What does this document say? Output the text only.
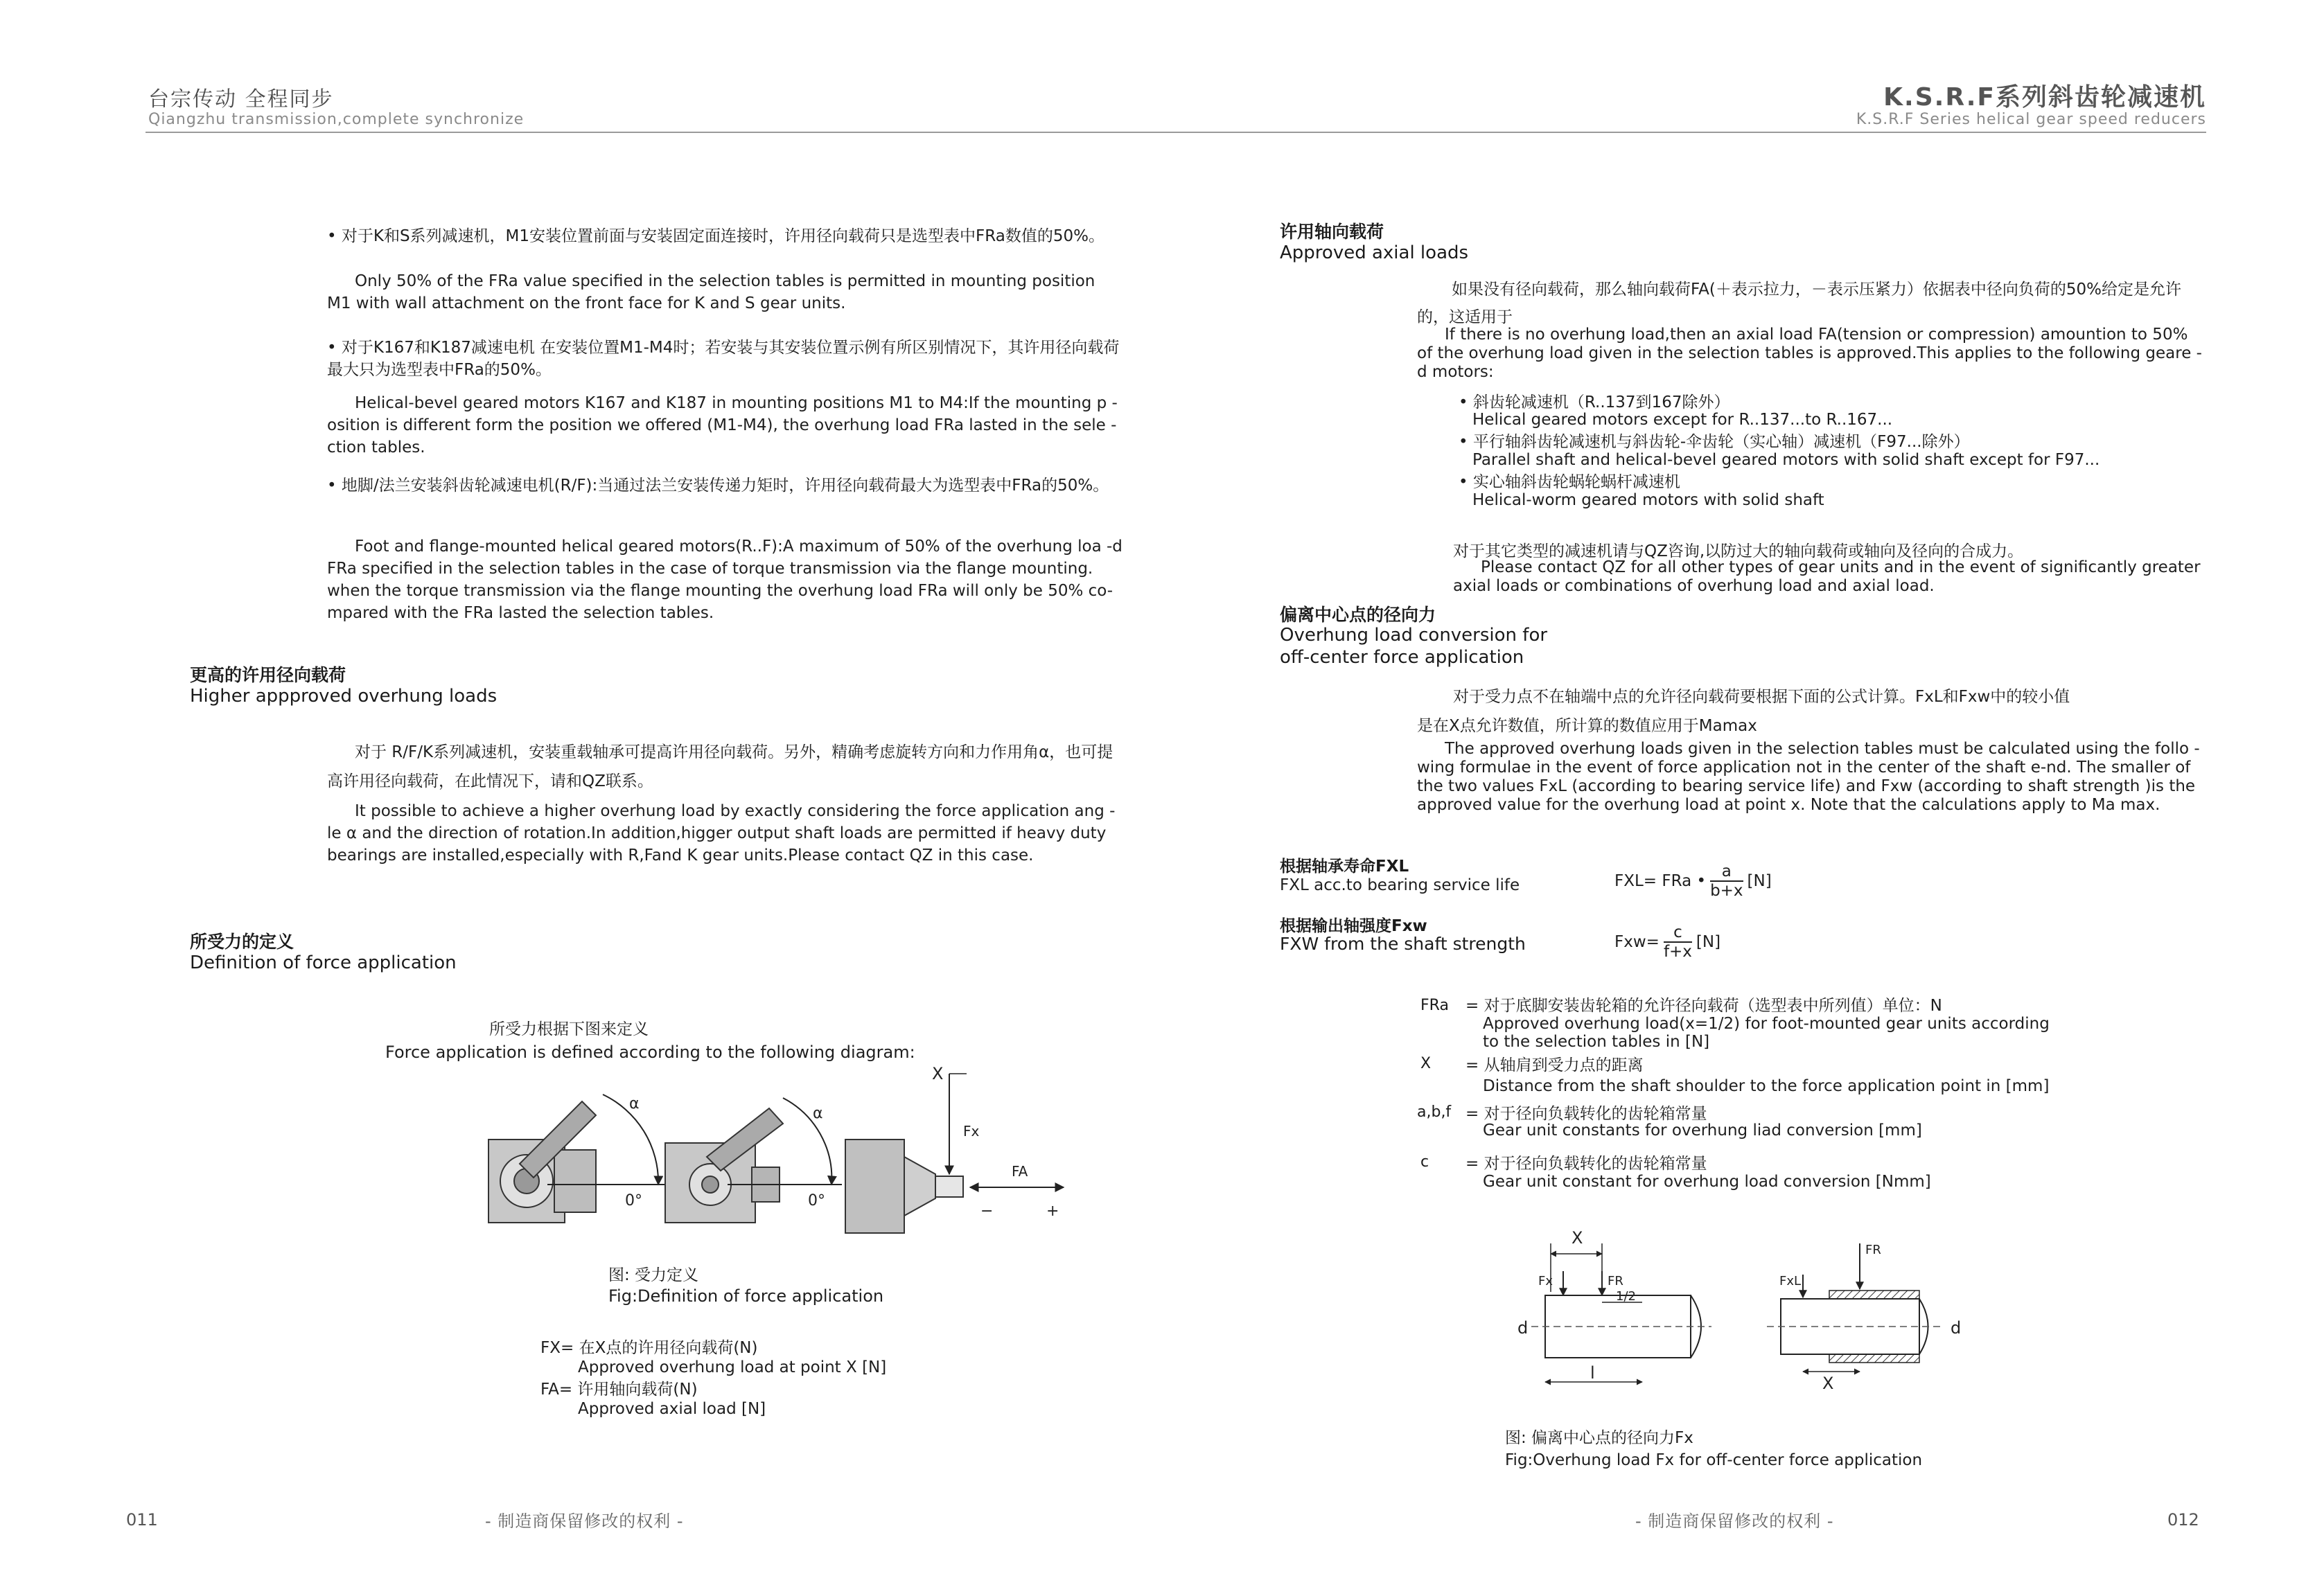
台宗传动 全程同步
Qiangzhu transmission,complete synchronize
K.S.R.F系列斜齿轮减速机
K.S.R.F Series helical gear speed reducers
• 对于K和S系列减速机，M1安装位置前面与安装固定面连接时，许用径向载荷只是选型表中FRa数值的50%。
Only 50% of the FRa value specified in the selection tables is permitted in mounting position M1 with wall attachment on the front face for K and S gear units.
• 对于K167和K187减速电机 在安装位置M1-M4时；若安装与其安装位置示例有所区别情况下，其许用径向载荷最大只为选型表中FRa的50%。
Helical-bevel geared motors K167 and K187 in mounting positions M1 to M4:If the mounting p -osition is different form the position we offered (M1-M4), the overhung load FRa lasted in the sele -ction tables.
• 地脚/法兰安装斜齿轮减速电机(R/F):当通过法兰安装传递力矩时，许用径向载荷最大为选型表中FRa的50%。
Foot and flange-mounted helical geared motors(R..F):A maximum of 50% of the overhung loa -d FRa specified in the selection tables in the case of torque transmission via the flange mounting. when the torque transmission via the flange mounting the overhung load FRa will only be 50% co- mpared with the FRa lasted the selection tables.
更高的许用径向载荷
Higher appproved overhung loads
对于 R/F/K系列减速机，安装重载轴承可提高许用径向载荷。另外，精确考虑旋转方向和力作用角α，也可提高许用径向载荷，在此情况下，请和QZ联系。
It possible to achieve a higher overhung load by exactly considering the force application ang -le α and the direction of rotation.In addition,higger output shaft loads are permitted if heavy duty bearings are installed,especially with R,Fand K gear units.Please contact QZ in this case.
所受力的定义
Definition of force application
所受力根据下图来定义
Force application is defined according to the following diagram:
α
0°
α
0°
X
Fx
FA
−	+
图: 受力定义
Fig:Definition of force application
FX= 在X点的许用径向载荷(N)
Approved overhung load at point X [N]
FA= 许用轴向载荷(N)
Approved axial load [N]
许用轴向载荷
Approved axial loads
如果没有径向载荷，那么轴向载荷FA(＋表示拉力，－表示压紧力）依据表中径向负荷的50%给定是允许的，这适用于
If there is no overhung load,then an axial load FA(tension or compression) amountion to 50% of the overhung load given in the selection tables is approved.This applies to the following geare -d motors:
• 斜齿轮减速机（R..137到167除外）
Helical geared motors except for R..137...to R..167...
• 平行轴斜齿轮减速机与斜齿轮-伞齿轮（实心轴）减速机（F97...除外）
Parallel shaft and helical-bevel geared motors with solid shaft except for F97...
• 实心轴斜齿轮蜗轮蜗杆减速机
Helical-worm geared motors with solid shaft
对于其它类型的减速机请与QZ咨询,以防过大的轴向载荷或轴向及径向的合成力。
Please contact QZ for all other types of gear units and in the event of significantly greater axial loads or combinations of overhung load and axial load.
偏离中心点的径向力
Overhung load conversion for
off-center force application
对于受力点不在轴端中点的允许径向载荷要根据下面的公式计算。FxL和Fxw中的较小值
是在X点允许数值，所计算的数值应用于Mamax
The approved overhung loads given in the selection tables must be calculated using the follo -wing formulae in the event of force application not in the center of the shaft e-nd. The smaller of the two values FxL (according to bearing service life) and Fxw (according to shaft strength )is the approved value for the overhung load at point x. Note that the calculations apply to Ma max.
根据轴承寿命FXL
FXL acc.to bearing service life	FXL= FRa • $\frac{a}{b+x} [N]$
根据输出轴强度Fxw
FXW from the shaft strength	$Fxw= \frac{c}{f+x} [N]$
FRa	= 对于底脚安装齿轮箱的允许径向载荷（选型表中所列值）单位：N
Approved overhung load(x=1/2) for foot-mounted gear units according
to the selection tables in [N]
X	= 从轴肩到受力点的距离
Distance from the shaft shoulder to the force application point in [mm]
a,b,f = 对于径向负载转化的齿轮箱常量
Gear unit constants for overhung liad conversion [mm]
c	= 对于径向负载转化的齿轮箱常量
Gear unit constant for overhung load conversion [Nmm]
X
Fx	FR
1/2
d
l
FxL
FR
X
d
图: 偏离中心点的径向力Fx
Fig:Overhung load Fx for off-center force application
011	- 制造商保留修改的权利 -	- 制造商保留修改的权利 -	012
